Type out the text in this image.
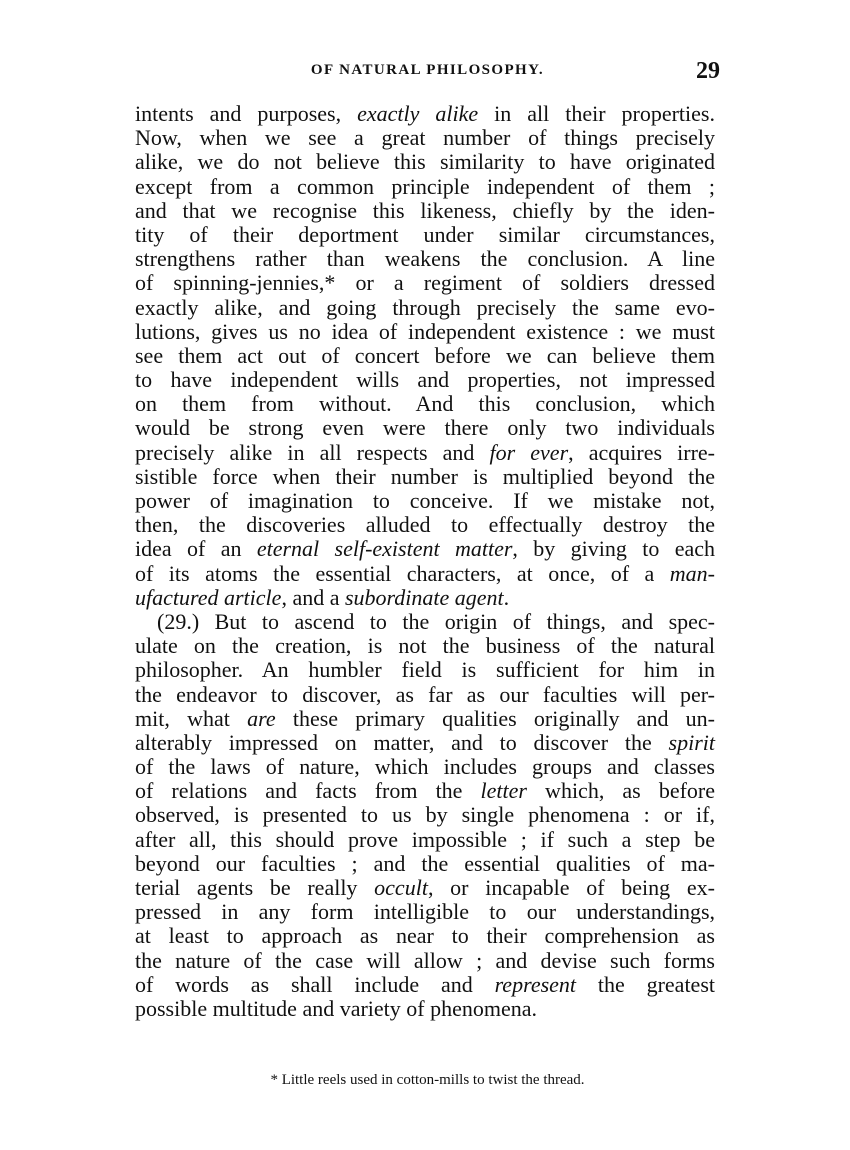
OF NATURAL PHILOSOPHY.	29
intents and purposes, exactly alike in all their properties.
Now, when we see a great number of things precisely
alike, we do not believe this similarity to have originated
except from a common principle independent of them ;
and that we recognise this likeness, chiefly by the iden-
tity of their deportment under similar circumstances,
strengthens rather than weakens the conclusion. A line
of spinning-jennies,* or a regiment of soldiers dressed
exactly alike, and going through precisely the same evo-
lutions, gives us no idea of independent existence : we must
see them act out of concert before we can believe them
to have independent wills and properties, not impressed
on them from without. And this conclusion, which
would be strong even were there only two individuals
precisely alike in all respects and for ever, acquires irre-
sistible force when their number is multiplied beyond the
power of imagination to conceive. If we mistake not,
then, the discoveries alluded to effectually destroy the
idea of an eternal self-existent matter, by giving to each
of its atoms the essential characters, at once, of a man-
ufactured article, and a subordinate agent.
(29.) But to ascend to the origin of things, and spec-
ulate on the creation, is not the business of the natural
philosopher. An humbler field is sufficient for him in
the endeavor to discover, as far as our faculties will per-
mit, what are these primary qualities originally and un-
alterably impressed on matter, and to discover the spirit
of the laws of nature, which includes groups and classes
of relations and facts from the letter which, as before
observed, is presented to us by single phenomena : or if,
after all, this should prove impossible ; if such a step be
beyond our faculties ; and the essential qualities of ma-
terial agents be really occult, or incapable of being ex-
pressed in any form intelligible to our understandings,
at least to approach as near to their comprehension as
the nature of the case will allow ; and devise such forms
of words as shall include and represent the greatest
possible multitude and variety of phenomena.
* Little reels used in cotton-mills to twist the thread.
